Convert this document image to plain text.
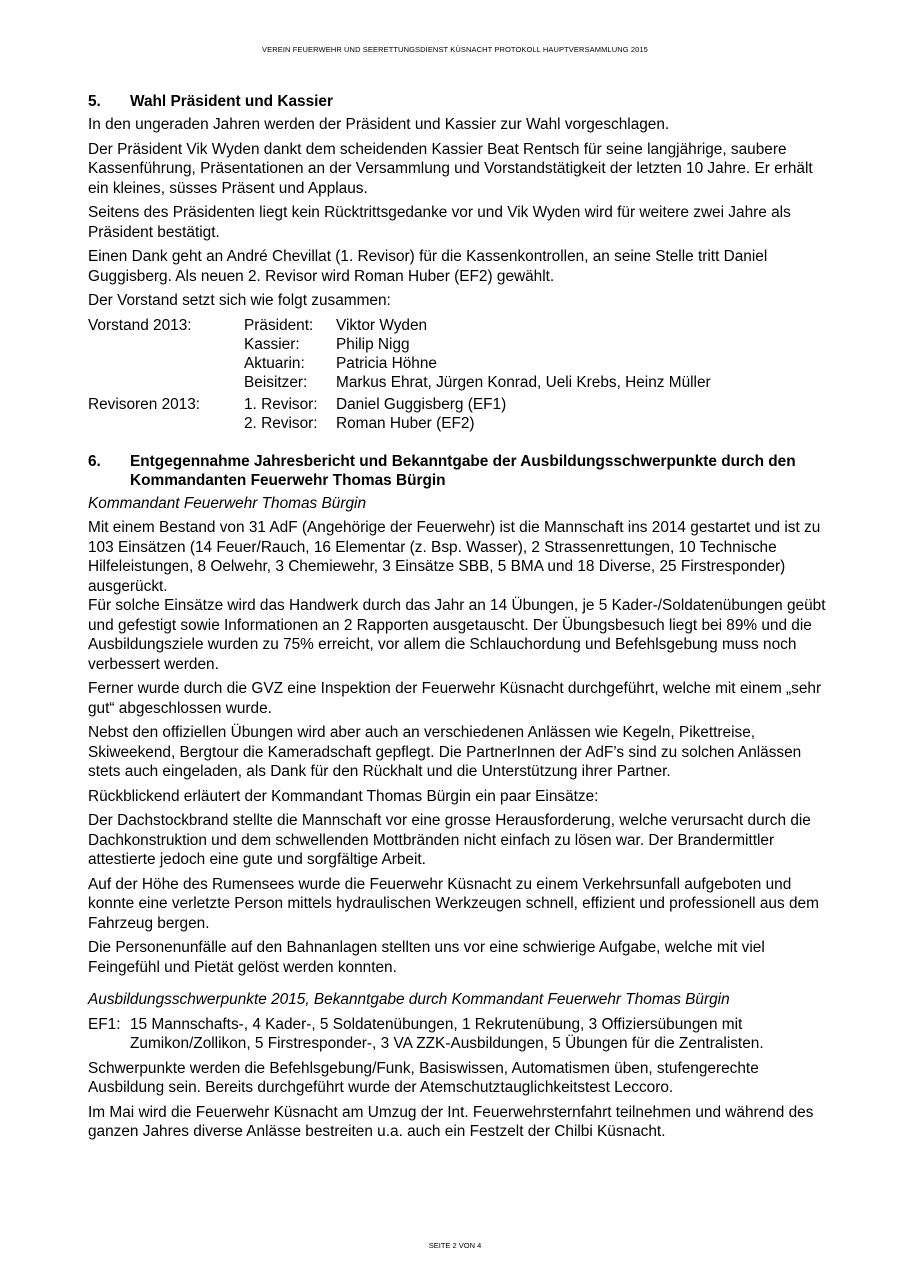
VEREIN FEUERWEHR UND SEERETTUNGSDIENST KÜSNACHT PROTOKOLL HAUPTVERSAMMLUNG 2015
5. Wahl Präsident und Kassier

In den ungeraden Jahren werden der Präsident und Kassier zur Wahl vorgeschlagen.

Der Präsident Vik Wyden dankt dem scheidenden Kassier Beat Rentsch für seine langjährige, saubere Kassenführung, Präsentationen an der Versammlung und Vorstandstätigkeit der letzten 10 Jahre. Er erhält ein kleines, süsses Präsent und Applaus.

Seitens des Präsidenten liegt kein Rücktrittsgedanke vor und Vik Wyden wird für weitere zwei Jahre als Präsident bestätigt.

Einen Dank geht an André Chevillat (1. Revisor) für die Kassenkontrollen, an seine Stelle tritt Daniel Guggisberg. Als neuen 2. Revisor wird Roman Huber (EF2) gewählt.

Der Vorstand setzt sich wie folgt zusammen:

Vorstand 2013:	Präsident:	Viktor Wyden
Kassier:	Philip Nigg
Aktuarin:	Patricia Höhne
Beisitzer:	Markus Ehrat, Jürgen Konrad, Ueli Krebs, Heinz Müller
Revisoren 2013:	1. Revisor:	Daniel Guggisberg (EF1)
2. Revisor:	Roman Huber (EF2)
6. Entgegennahme Jahresbericht und Bekanntgabe der Ausbildungsschwerpunkte durch den Kommandanten Feuerwehr Thomas Bürgin

Kommandant Feuerwehr Thomas Bürgin

Mit einem Bestand von 31 AdF (Angehörige der Feuerwehr) ist die Mannschaft ins 2014 gestartet und ist zu 103 Einsätzen (14 Feuer/Rauch, 16 Elementar (z. Bsp. Wasser), 2 Strassenrettungen, 10 Technische Hilfeleistungen, 8 Oelwehr, 3 Chemiewehr, 3 Einsätze SBB, 5 BMA und 18 Diverse, 25 Firstresponder) ausgerückt.

Für solche Einsätze wird das Handwerk durch das Jahr an 14 Übungen, je 5 Kader-/Soldatenübungen geübt und gefestigt sowie Informationen an 2 Rapporten ausgetauscht. Der Übungsbesuch liegt bei 89% und die Ausbildungsziele wurden zu 75% erreicht, vor allem die Schlauchordung und Befehlsgebung muss noch verbessert werden.

Ferner wurde durch die GVZ eine Inspektion der Feuerwehr Küsnacht durchgeführt, welche mit einem „sehr gut“ abgeschlossen wurde.

Nebst den offiziellen Übungen wird aber auch an verschiedenen Anlässen wie Kegeln, Pikettreise, Skiweekend, Bergtour die Kameradschaft gepflegt. Die PartnerInnen der AdF’s sind zu solchen Anlässen stets auch eingeladen, als Dank für den Rückhalt und die Unterstützung ihrer Partner.

Rückblickend erläutert der Kommandant Thomas Bürgin ein paar Einsätze:

Der Dachstockbrand stellte die Mannschaft vor eine grosse Herausforderung, welche verursacht durch die Dachkonstruktion und dem schwellenden Mottbränden nicht einfach zu lösen war. Der Brandermittler attestierte jedoch eine gute und sorgfältige Arbeit.

Auf der Höhe des Rumensees wurde die Feuerwehr Küsnacht zu einem Verkehrsunfall aufgeboten und konnte eine verletzte Person mittels hydraulischen Werkzeugen schnell, effizient und professionell aus dem Fahrzeug bergen.

Die Personenunfälle auf den Bahnanlagen stellten uns vor eine schwierige Aufgabe, welche mit viel Feingefühl und Pietät gelöst werden konnten.

Ausbildungsschwerpunkte 2015, Bekanntgabe durch Kommandant Feuerwehr Thomas Bürgin

EF1: 15 Mannschafts-, 4 Kader-, 5 Soldatenübungen, 1 Rekrutenübung, 3 Offiziersübungen mit Zumikon/Zollikon, 5 Firstresponder-, 3 VA ZZK-Ausbildungen, 5 Übungen für die Zentralisten.

Schwerpunkte werden die Befehlsgebung/Funk, Basiswissen, Automatismen üben, stufengerechte Ausbildung sein. Bereits durchgeführt wurde der Atemschutztauglichkeitstest Leccoro.

Im Mai wird die Feuerwehr Küsnacht am Umzug der Int. Feuerwehrsternfahrt teilnehmen und während des ganzen Jahres diverse Anlässe bestreiten u.a. auch ein Festzelt der Chilbi Küsnacht.

SEITE 2 VON 4
